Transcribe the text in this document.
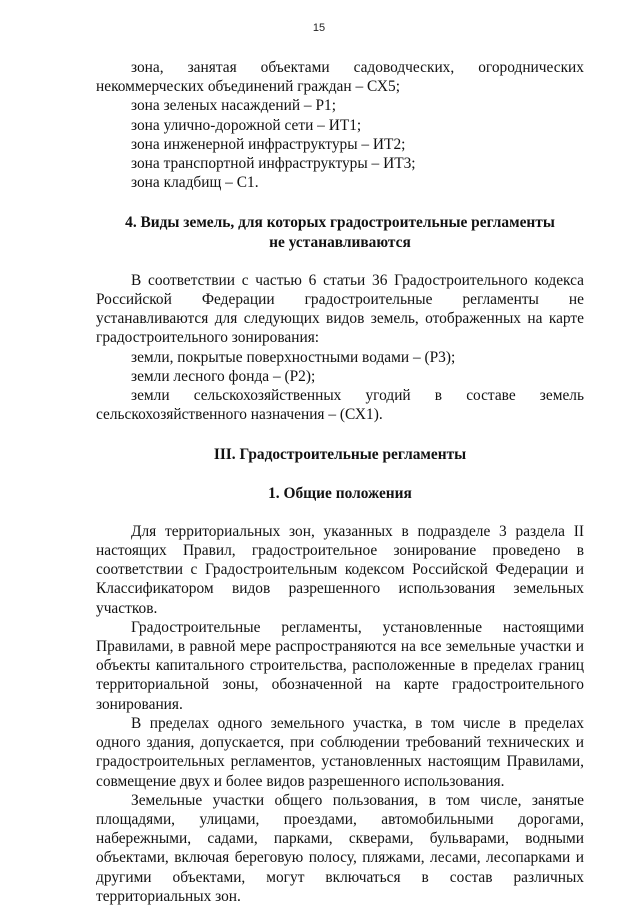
15

зона, занятая объектами садоводческих, огороднических

некоммерческих объединений граждан – СХ5;

зона зеленых насаждений – Р1;

зона улично-дорожной сети – ИТ1;

зона инженерной инфраструктуры – ИТ2;

зона транспортной инфраструктуры – ИТ3;

зона кладбищ – С1.

4. Виды земель, для которых градостроительные регламенты

не устанавливаются

В соответствии с частью 6 статьи 36 Градостроительного кодекса Российской Федерации градостроительные регламенты не устанавливаются для следующих видов земель, отображенных на карте градостроительного зонирования:

земли, покрытые поверхностными водами – (Р3);

земли лесного фонда – (Р2);

земли сельскохозяйственных угодий в составе земель

сельскохозяйственного назначения – (СХ1).

III. Градостроительные регламенты

1. Общие положения

Для территориальных зон, указанных в подразделе 3 раздела II настоящих Правил, градостроительное зонирование проведено в соответствии с Градостроительным кодексом Российской Федерации и Классификатором видов разрешенного использования земельных участков.

Градостроительные регламенты, установленные настоящими Правилами, в равной мере распространяются на все земельные участки и объекты капитального строительства, расположенные в пределах границ территориальной зоны, обозначенной на карте градостроительного зонирования.

В пределах одного земельного участка, в том числе в пределах одного здания, допускается, при соблюдении требований технических и градостроительных регламентов, установленных настоящим Правилами, совмещение двух и более видов разрешенного использования.

Земельные участки общего пользования, в том числе, занятые площадями, улицами, проездами, автомобильными дорогами, набережными, садами, парками, скверами, бульварами, водными объектами, включая береговую полосу, пляжами, лесами, лесопарками и другими объектами, могут включаться в состав различных территориальных зон.
